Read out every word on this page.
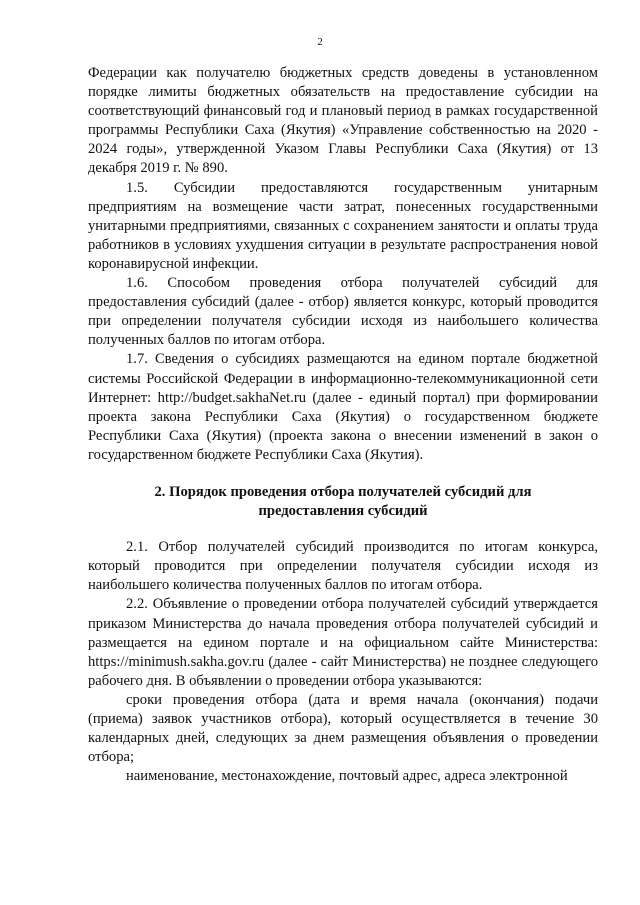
2

Федерации как получателю бюджетных средств доведены в установленном порядке лимиты бюджетных обязательств на предоставление субсидии на соответствующий финансовый год и плановый период в рамках государственной программы Республики Саха (Якутия) «Управление собственностью на 2020 - 2024 годы», утвержденной Указом Главы Республики Саха (Якутия) от 13 декабря 2019 г. № 890.

1.5. Субсидии предоставляются государственным унитарным предприятиям на возмещение части затрат, понесенных государственными унитарными предприятиями, связанных с сохранением занятости и оплаты труда работников в условиях ухудшения ситуации в результате распространения новой коронавирусной инфекции.

1.6. Способом проведения отбора получателей субсидий для предоставления субсидий (далее - отбор) является конкурс, который проводится при определении получателя субсидии исходя из наибольшего количества полученных баллов по итогам отбора.

1.7. Сведения о субсидиях размещаются на едином портале бюджетной системы Российской Федерации в информационно-телекоммуникационной сети Интернет: http://budget.sakhaNet.ru (далее - единый портал) при формировании проекта закона Республики Саха (Якутия) о государственном бюджете Республики Саха (Якутия) (проекта закона о внесении изменений в закон о государственном бюджете Республики Саха (Якутия).

2. Порядок проведения отбора получателей субсидий для
предоставления субсидий

2.1. Отбор получателей субсидий производится по итогам конкурса, который проводится при определении получателя субсидии исходя из наибольшего количества полученных баллов по итогам отбора.

2.2. Объявление о проведении отбора получателей субсидий утверждается приказом Министерства до начала проведения отбора получателей субсидий и размещается на едином портале и на официальном сайте Министерства: https://minimush.sakha.gov.ru (далее - сайт Министерства) не позднее следующего рабочего дня. В объявлении о проведении отбора указываются:

сроки проведения отбора (дата и время начала (окончания) подачи (приема) заявок участников отбора), который осуществляется в течение 30 календарных дней, следующих за днем размещения объявления о проведении отбора;

наименование, местонахождение, почтовый адрес, адреса электронной
